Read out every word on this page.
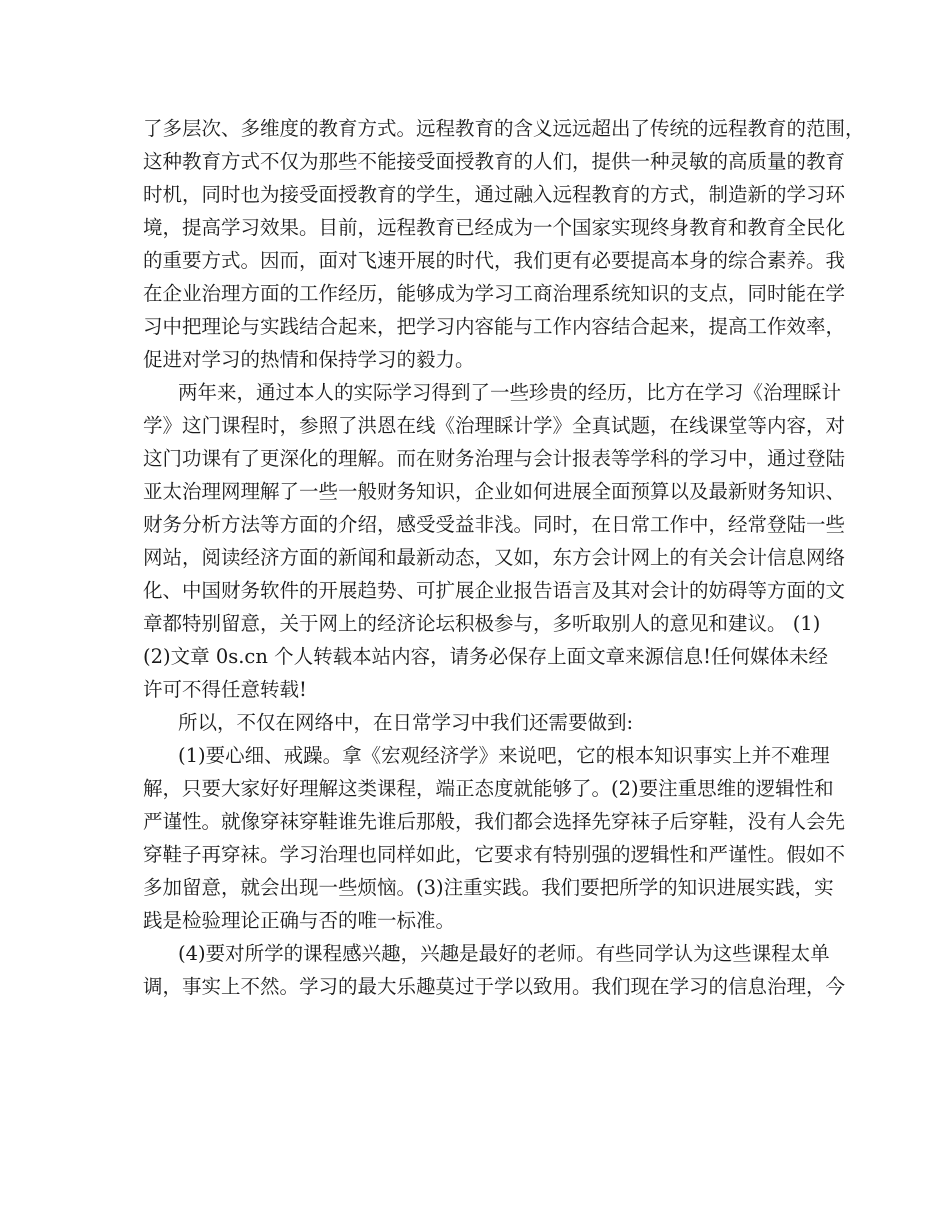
了多层次、多维度的教育方式。远程教育的含义远远超出了传统的远程教育的范围，
这种教育方式不仅为那些不能接受面授教育的人们，提供一种灵敏的高质量的教育
时机，同时也为接受面授教育的学生，通过融入远程教育的方式，制造新的学习环
境，提高学习效果。目前，远程教育已经成为一个国家实现终身教育和教育全民化
的重要方式。因而，面对飞速开展的时代，我们更有必要提高本身的综合素养。我
在企业治理方面的工作经历，能够成为学习工商治理系统知识的支点，同时能在学
习中把理论与实践结合起来，把学习内容能与工作内容结合起来，提高工作效率，
促进对学习的热情和保持学习的毅力。
两年来，通过本人的实际学习得到了一些珍贵的经历，比方在学习《治理睬计
学》这门课程时，参照了洪恩在线《治理睬计学》全真试题，在线课堂等内容，对
这门功课有了更深化的理解。而在财务治理与会计报表等学科的学习中，通过登陆
亚太治理网理解了一些一般财务知识，企业如何进展全面预算以及最新财务知识、
财务分析方法等方面的介绍，感受受益非浅。同时，在日常工作中，经常登陆一些
网站，阅读经济方面的新闻和最新动态，又如，东方会计网上的有关会计信息网络
化、中国财务软件的开展趋势、可扩展企业报告语言及其对会计的妨碍等方面的文
章都特别留意，关于网上的经济论坛积极参与，多听取别人的意见和建议。 (1)
(2)文章 0s.cn 个人转载本站内容，请务必保存上面文章来源信息!任何媒体未经
许可不得任意转载!
所以，不仅在网络中，在日常学习中我们还需要做到:
(1)要心细、戒躁。拿《宏观经济学》来说吧，它的根本知识事实上并不难理
解，只要大家好好理解这类课程，端正态度就能够了。(2)要注重思维的逻辑性和
严谨性。就像穿袜穿鞋谁先谁后那般，我们都会选择先穿袜子后穿鞋，没有人会先
穿鞋子再穿袜。学习治理也同样如此，它要求有特别强的逻辑性和严谨性。假如不
多加留意，就会出现一些烦恼。(3)注重实践。我们要把所学的知识进展实践，实
践是检验理论正确与否的唯一标准。
(4)要对所学的课程感兴趣，兴趣是最好的老师。有些同学认为这些课程太单
调，事实上不然。学习的最大乐趣莫过于学以致用。我们现在学习的信息治理，今
